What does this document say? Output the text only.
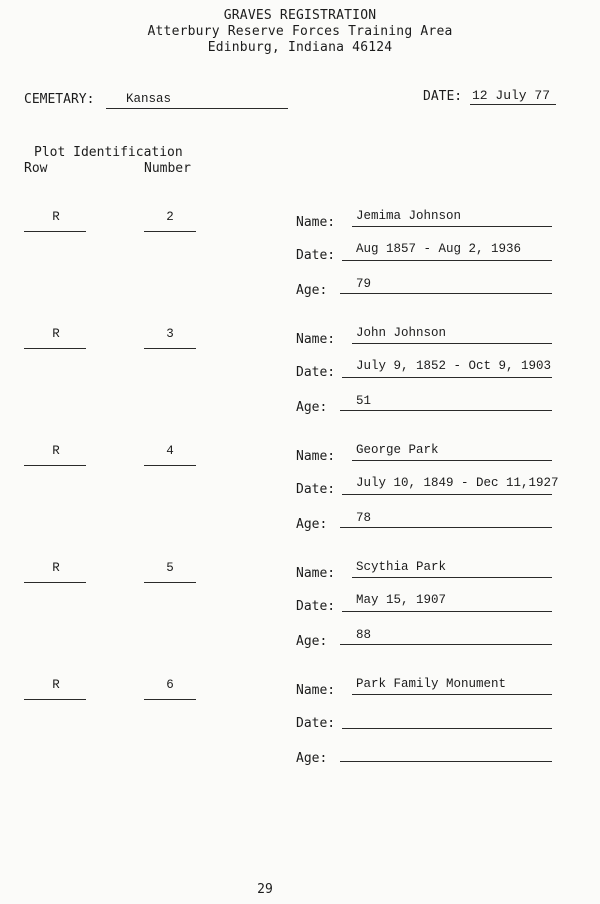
GRAVES REGISTRATION
Atterbury Reserve Forces Training Area
Edinburg, Indiana 46124
CEMETARY:	Kansas	DATE: 12 July 77
Plot Identification
Row	Number
R	2	Name: Jemima Johnson
Date: Aug 1857 - Aug 2, 1936
Age: 79
R	3	Name: John Johnson
Date: July 9, 1852 - Oct 9, 1903
Age: 51
R	4	Name: George Park
Date: July 10, 1849 - Dec 11,1927
Age: 78
R	5	Name: Scythia Park
Date: May 15, 1907
Age: 88
R	6	Name: Park Family Monument
Date:
Age:
29
